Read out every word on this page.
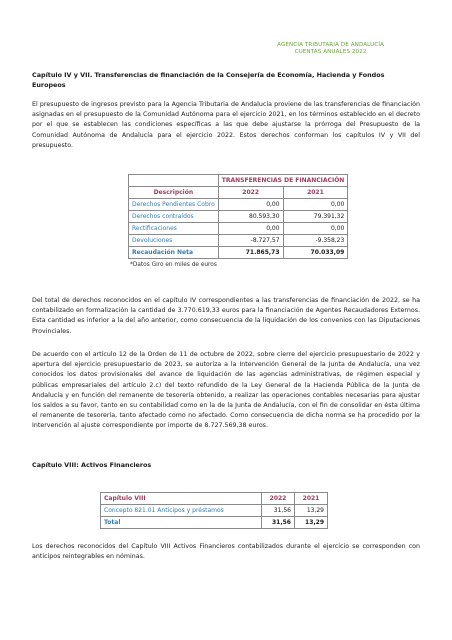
AGENCIA TRIBUTARIA DE ANDALUCÍA
CUENTAS ANUALES 2022
Capítulo IV y VII. Transferencias de financiación de la Consejería de Economía, Hacienda y Fondos Europeos
El presupuesto de ingresos previsto para la Agencia Tributaria de Andalucía proviene de las transferencias de financiación asignadas en el presupuesto de la Comunidad Autónoma para el ejercicio 2021, en los términos establecido en el decreto por el que se establecen las condiciones específicas a las que debe ajustarse la prórroga del Presupuesto de la Comunidad Autónoma de Andalucía para el ejercicio 2022. Estos derechos conforman los capítulos IV y VII del presupuesto.
	TRANSFERENCIAS DE FINANCIACIÓN	
Descripción	2022	2021
Derechos Pendientes Cobro	0,00	0,00
Derechos contraídos	80.593,30	79.391,32
Rectificaciones	0,00	0,00
Devoluciones	-8.727,57	-9.358,23
Recaudación Neta	71.865,73	70.033,09
*Datos Giro en miles de euros
Del total de derechos reconocidos en el capítulo IV correspondientes a las transferencias de financiación de 2022, se ha contabilizado en formalización la cantidad de 3.770.619,33 euros para la financiación de Agentes Recaudadores Externos. Esta cantidad es inferior a la del año anterior, como consecuencia de la liquidación de los convenios con las Diputaciones Provinciales.
De acuerdo con el artículo 12 de la Orden de 11 de octubre de 2022, sobre cierre del ejercicio presupuestario de 2022 y apertura del ejercicio presupuestario de 2023, se autoriza a la Intervención General de la Junta de Andalucía, una vez conocidos los datos provisionales del avance de liquidación de las agencias administrativas, de régimen especial y públicas empresariales del artículo 2.c) del texto refundido de la Ley General de la Hacienda Pública de la Junta de Andalucía y en función del remanente de tesorería obtenido, a realizar las operaciones contables necesarias para ajustar los saldos a su favor, tanto en su contabilidad como en la de la Junta de Andalucía, con el fin de consolidar en ésta última el remanente de tesorería, tanto afectado como no afectado. Como consecuencia de dicha norma se ha procedido por la Intervención al ajuste correspondiente por importe de 8.727.569,38 euros.
Capítulo VIII: Activos Financieros
Capítulo VIII	2022	2021
Concepto 821.01 Anticipos y préstamos	31,56	13,29
Total	31,56	13,29
Los derechos reconocidos del Capítulo VIII Activos Financieros contabilizados durante el ejercicio se corresponden con anticipos reintegrables en nóminas.
